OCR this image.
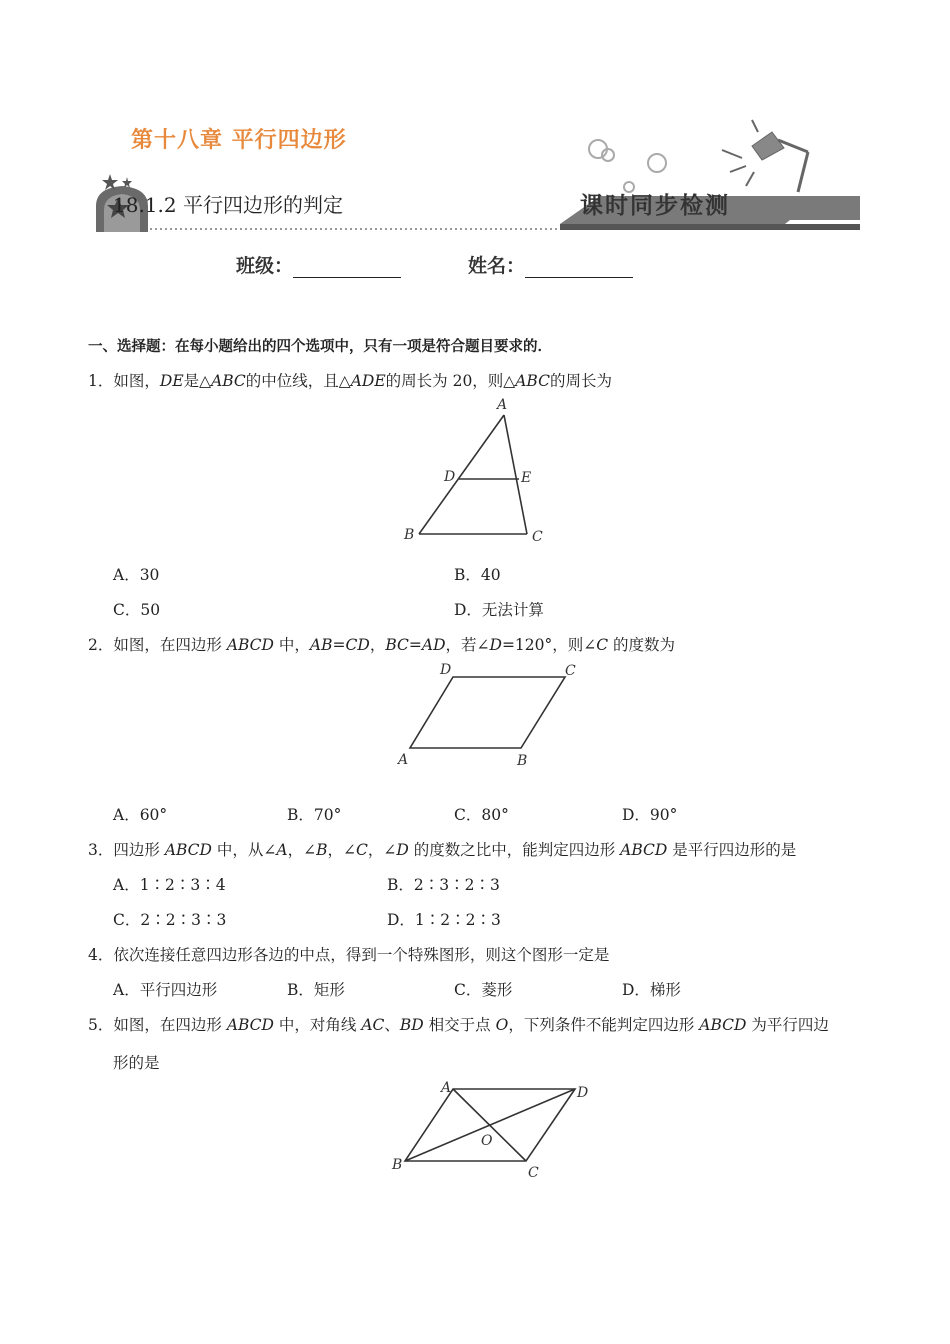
第十八章 平行四边形
18.1.2 平行四边形的判定	课时同步检测
班级：	姓名：
一、选择题：在每小题给出的四个选项中，只有一项是符合题目要求的．
1．如图，DE是△ABC的中位线，且△ADE的周长为 20，则△ABC的周长为
A
D	E
B	C
A．30	B．40
C．50	D．无法计算
2．如图，在四边形 ABCD 中，AB=CD，BC=AD，若∠D=120°，则∠C 的度数为
D	C
A	B
A．60°	B．70°	C．80°	D．90°
3．四边形 ABCD 中，从∠A，∠B，∠C，∠D 的度数之比中，能判定四边形 ABCD 是平行四边形的是
A．1∶2∶3∶4	B．2∶3∶2∶3
C．2∶2∶3∶3	D．1∶2∶2∶3
4．依次连接任意四边形各边的中点，得到一个特殊图形，则这个图形一定是
A．平行四边形	B．矩形	C．菱形	D．梯形
5．如图，在四边形 ABCD 中，对角线 AC、BD 相交于点 O，下列条件不能判定四边形 ABCD 为平行四边
形的是
A	D
O
B	C
